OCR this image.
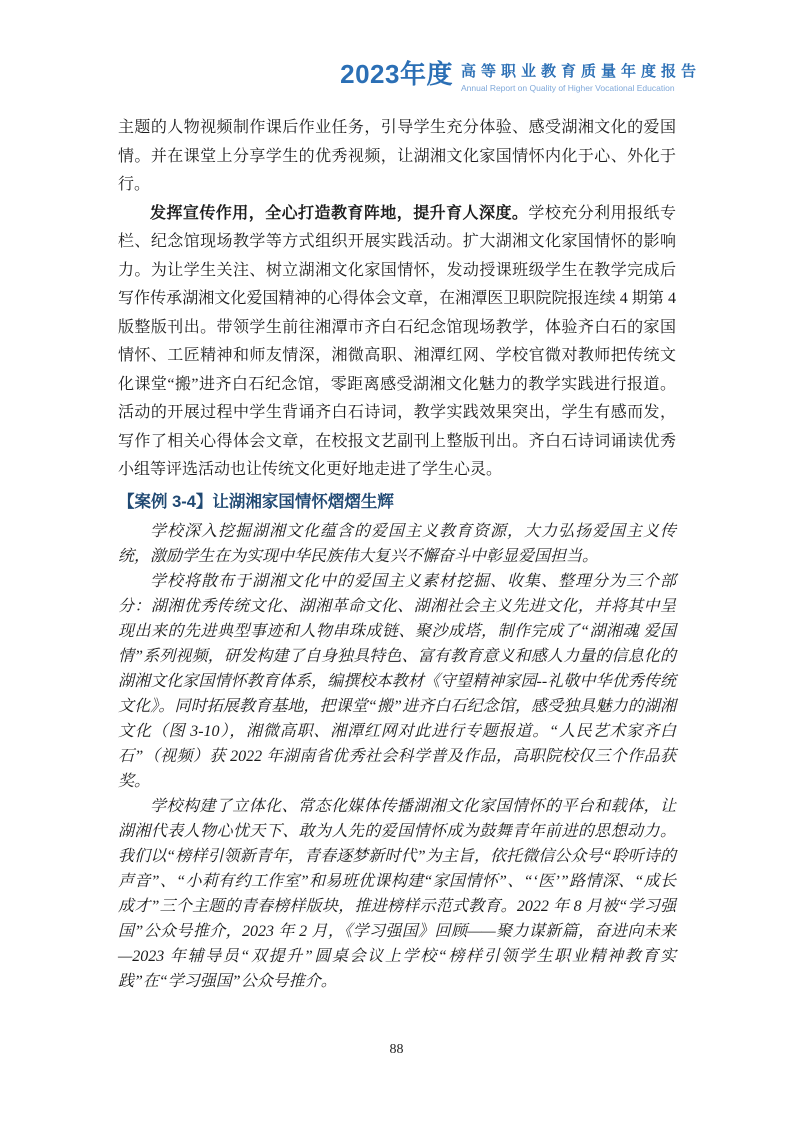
2023年度 高等职业教育质量年度报告
Annual Report on Quality of Higher Vocational Education

主题的人物视频制作课后作业任务，引导学生充分体验、感受湖湘文化的爱国情。并在课堂上分享学生的优秀视频，让湖湘文化家国情怀内化于心、外化于行。

发挥宣传作用，全心打造教育阵地，提升育人深度。学校充分利用报纸专栏、纪念馆现场教学等方式组织开展实践活动。扩大湖湘文化家国情怀的影响力。为让学生关注、树立湖湘文化家国情怀，发动授课班级学生在教学完成后写作传承湖湘文化爱国精神的心得体会文章，在湘潭医卫职院院报连续 4 期第 4 版整版刊出。带领学生前往湘潭市齐白石纪念馆现场教学，体验齐白石的家国情怀、工匠精神和师友情深，湘微高职、湘潭红网、学校官微对教师把传统文化课堂“搬”进齐白石纪念馆，零距离感受湖湘文化魅力的教学实践进行报道。活动的开展过程中学生背诵齐白石诗词，教学实践效果突出，学生有感而发，写作了相关心得体会文章，在校报文艺副刊上整版刊出。齐白石诗词诵读优秀小组等评选活动也让传统文化更好地走进了学生心灵。

【案例 3-4】让湖湘家国情怀熠熠生辉

学校深入挖掘湖湘文化蕴含的爱国主义教育资源，大力弘扬爱国主义传统，激励学生在为实现中华民族伟大复兴不懈奋斗中彰显爱国担当。

学校将散布于湖湘文化中的爱国主义素材挖掘、收集、整理分为三个部分：湖湘优秀传统文化、湖湘革命文化、湖湘社会主义先进文化，并将其中呈现出来的先进典型事迹和人物串珠成链、聚沙成塔，制作完成了“湖湘魂 爱国情”系列视频，研发构建了自身独具特色、富有教育意义和感人力量的信息化的湖湘文化家国情怀教育体系，编撰校本教材《守望精神家园--礼敬中华优秀传统文化》。同时拓展教育基地，把课堂“搬”进齐白石纪念馆，感受独具魅力的湖湘文化（图 3-10），湘微高职、湘潭红网对此进行专题报道。“人民艺术家齐白石”（视频）获 2022 年湖南省优秀社会科学普及作品，高职院校仅三个作品获奖。

学校构建了立体化、常态化媒体传播湖湘文化家国情怀的平台和载体，让湖湘代表人物心忧天下、敢为人先的爱国情怀成为鼓舞青年前进的思想动力。我们以“榜样引领新青年，青春逐梦新时代”为主旨，依托微信公众号“聆听诗的声音”、“小莉有约工作室”和易班优课构建“家国情怀”、“‘医’”路情深、“成长成才”三个主题的青春榜样版块，推进榜样示范式教育。2022 年 8 月被“学习强国”公众号推介，2023 年 2 月，《学习强国》回顾——聚力谋新篇，奋进向未来—2023 年辅导员“双提升”圆桌会议上学校“榜样引领学生职业精神教育实践”在“学习强国”公众号推介。

88
